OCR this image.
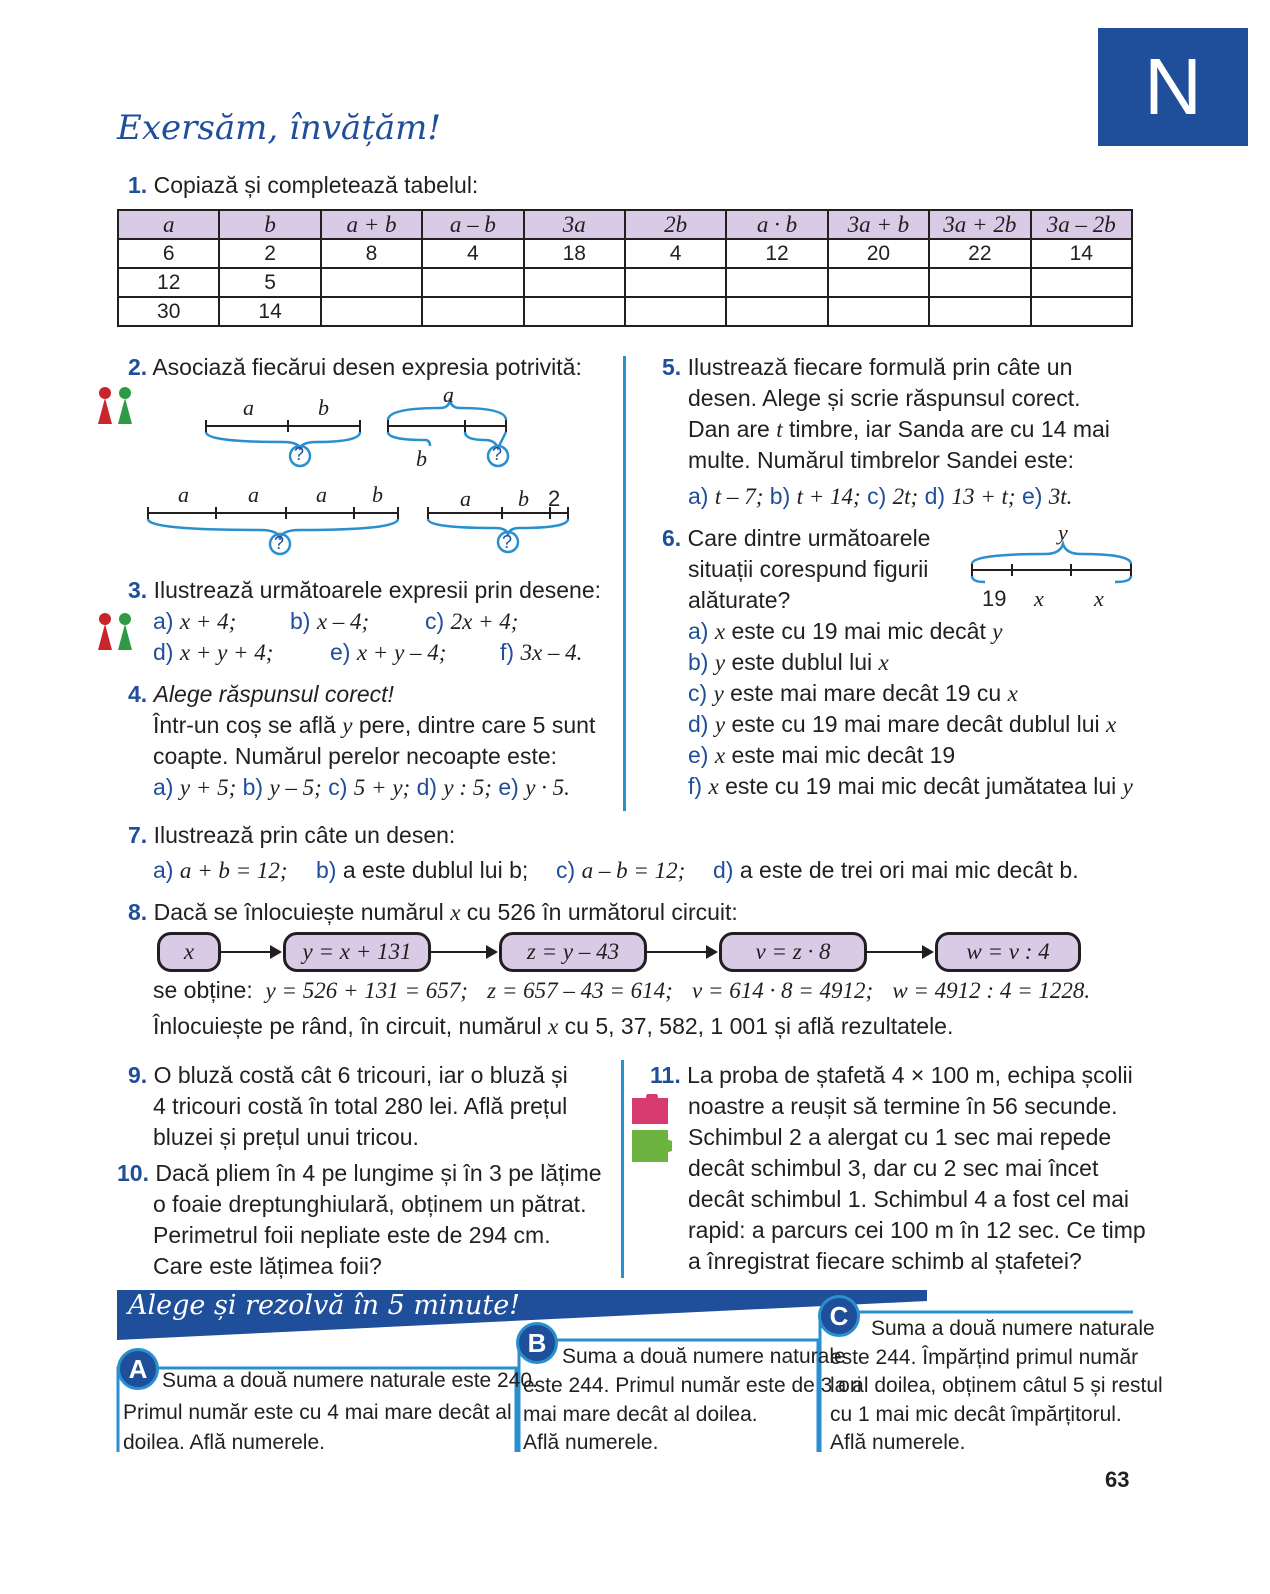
N
Exersăm, învățăm!
1. Copiază și completează tabelul:
a	b	a + b	a – b	3a	2b	a · b	3a + b	3a + 2b	3a – 2b
6	2	8	4	18	4	12	20	22	14
12	5								
30	14								
2. Asociază fiecărui desen expresia potrivită:
a	b
?
a
b	?
a	a	a b
?
a b 2
?
3. Ilustrează următoarele expresii prin desene:
a) x + 4; b) x – 4; c) 2x + 4;
d) x + y + 4; e) x + y – 4; f) 3x – 4.
4. Alege răspunsul corect!
Într-un coș se află y pere, dintre care 5 sunt
coapte. Numărul perelor necoapte este:
a) y + 5; b) y – 5; c) 5 + y; d) y : 5; e) y · 5.
5. Ilustrează fiecare formulă prin câte un
desen. Alege și scrie răspunsul corect.
Dan are t timbre, iar Sanda are cu 14 mai
multe. Numărul timbrelor Sandei este:
a) t – 7; b) t + 14; c) 2t; d) 13 + t; e) 3t.
6. Care dintre următoarele
situații corespund figurii
alăturate?
y
19 x x
a) x este cu 19 mai mic decât y
b) y este dublul lui x
c) y este mai mare decât 19 cu x
d) y este cu 19 mai mare decât dublul lui x
e) x este mai mic decât 19
f) x este cu 19 mai mic decât jumătatea lui y
7. Ilustrează prin câte un desen:
a) a + b = 12; b) a este dublul lui b; c) a – b = 12; d) a este de trei ori mai mic decât b.
8. Dacă se înlocuiește numărul x cu 526 în următorul circuit:
x	y = x + 131	z = y – 43	v = z · 8	w = v : 4
se obține: y = 526 + 131 = 657; z = 657 – 43 = 614; v = 614 · 8 = 4912; w = 4912 : 4 = 1228.
Înlocuiește pe rând, în circuit, numărul x cu 5, 37, 582, 1 001 și află rezultatele.
9. O bluză costă cât 6 tricouri, iar o bluză și
4 tricouri costă în total 280 lei. Află prețul
bluzei și prețul unui tricou.
10. Dacă pliem în 4 pe lungime și în 3 pe lățime
o foaie dreptunghiulară, obținem un pătrat.
Perimetrul foii nepliate este de 294 cm.
Care este lățimea foii?
11. La proba de ștafetă 4 × 100 m, echipa școlii
noastre a reușit să termine în 56 secunde.
Schimbul 2 a alergat cu 1 sec mai repede
decât schimbul 3, dar cu 2 sec mai încet
decât schimbul 1. Schimbul 4 a fost cel mai
rapid: a parcurs cei 100 m în 12 sec. Ce timp
a înregistrat fiecare schimb al ștafetei?
Alege și rezolvă în 5 minute!
A
B
C
Suma a două numere naturale este 240.
Primul număr este cu 4 mai mare decât al
doilea. Află numerele.
Suma a două numere naturale
este 244. Primul număr este de 3 ori
mai mare decât al doilea.
Află numerele.
Suma a două numere naturale
este 244. Împărțind primul număr
la al doilea, obținem câtul 5 și restul
cu 1 mai mic decât împărțitorul.
Află numerele.
63
